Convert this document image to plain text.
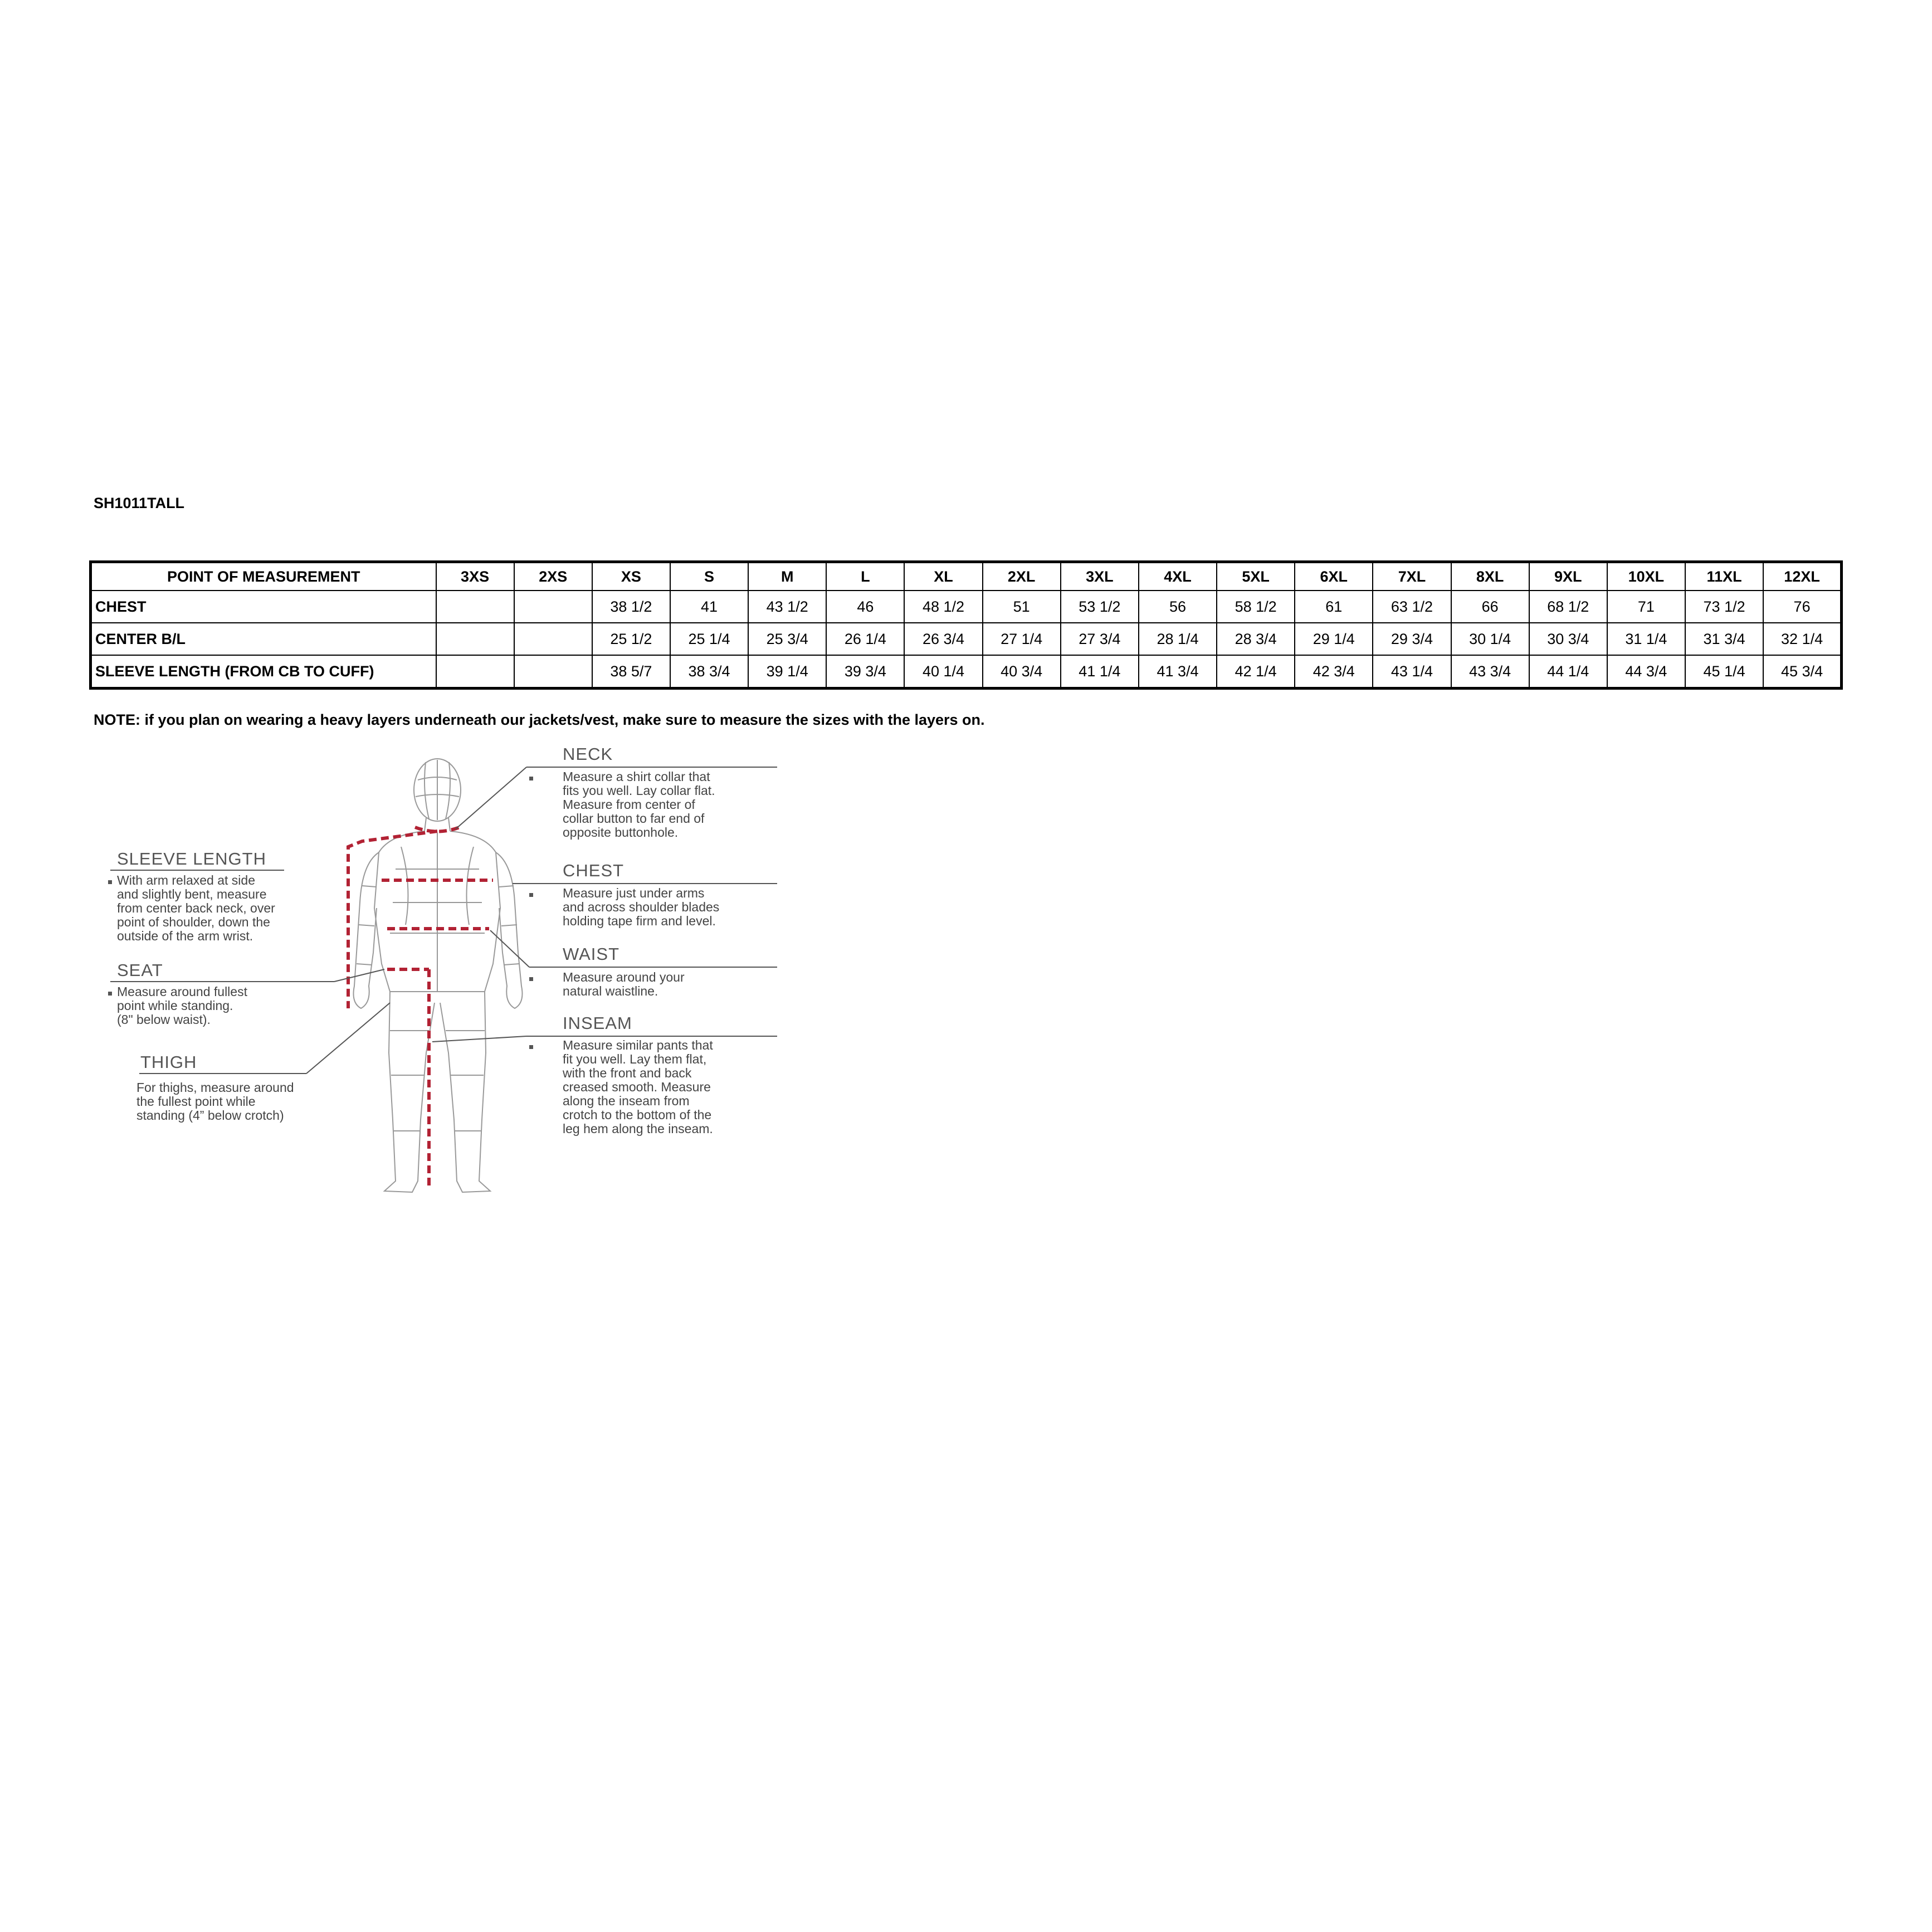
SH1011TALL
POINT OF MEASUREMENT	3XS	2XS	XS	S	M	L	XL	2XL	3XL	4XL	5XL	6XL	7XL	8XL	9XL	10XL	11XL	12XL
CHEST			38 1/2	41	43 1/2	46	48 1/2	51	53 1/2	56	58 1/2	61	63 1/2	66	68 1/2	71	73 1/2	76
CENTER B/L			25 1/2	25 1/4	25 3/4	26 1/4	26 3/4	27 1/4	27 3/4	28 1/4	28 3/4	29 1/4	29 3/4	30 1/4	30 3/4	31 1/4	31 3/4	32 1/4
SLEEVE LENGTH (FROM CB TO CUFF)			38 5/7	38 3/4	39 1/4	39 3/4	40 1/4	40 3/4	41 1/4	41 3/4	42 1/4	42 3/4	43 1/4	43 3/4	44 1/4	44 3/4	45 1/4	45 3/4
NOTE: if you plan on wearing a heavy layers underneath our jackets/vest, make sure to measure the sizes with the layers on.
NECK
Measure a shirt collar that
fits you well. Lay collar flat.
Measure from center of
collar button to far end of
opposite buttonhole.
CHEST
Measure just under arms
and across shoulder blades
holding tape firm and level.
WAIST
Measure around your
natural waistline.
INSEAM
Measure similar pants that
fit you well. Lay them flat,
with the front and back
creased smooth. Measure
along the inseam from
crotch to the bottom of the
leg hem along the inseam.
SLEEVE LENGTH
With arm relaxed at side
and slightly bent, measure
from center back neck, over
point of shoulder, down the
outside of the arm wrist.
SEAT
Measure around fullest
point while standing.
(8" below waist).
THIGH
For thighs, measure around
the fullest point while
standing (4” below crotch)
